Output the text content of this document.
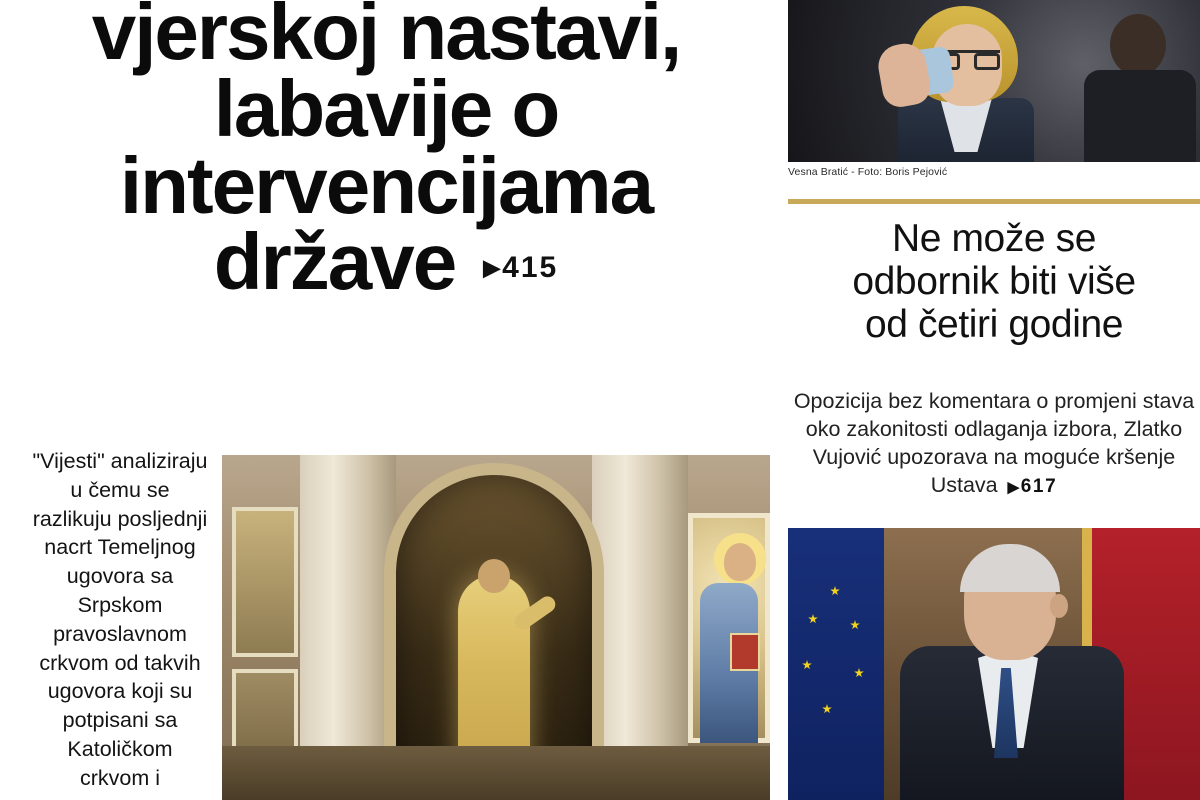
vjerskoj nastavi,
labavije o
intervencijama
države ▶415
"Vijesti" analiziraju u čemu se razlikuju posljednji nacrt Temeljnog ugovora sa Srpskom pravoslavnom crkvom od takvih ugovora koji su potpisani sa Katoličkom crkvom i
Vesna Bratić - Foto: Boris Pejović
Ne može se
odbornik biti više
od četiri godine
Opozicija bez komentara o promjeni stava oko zakonitosti odlaganja izbora, Zlatko Vujović upozorava na moguće kršenje Ustava ▶617
